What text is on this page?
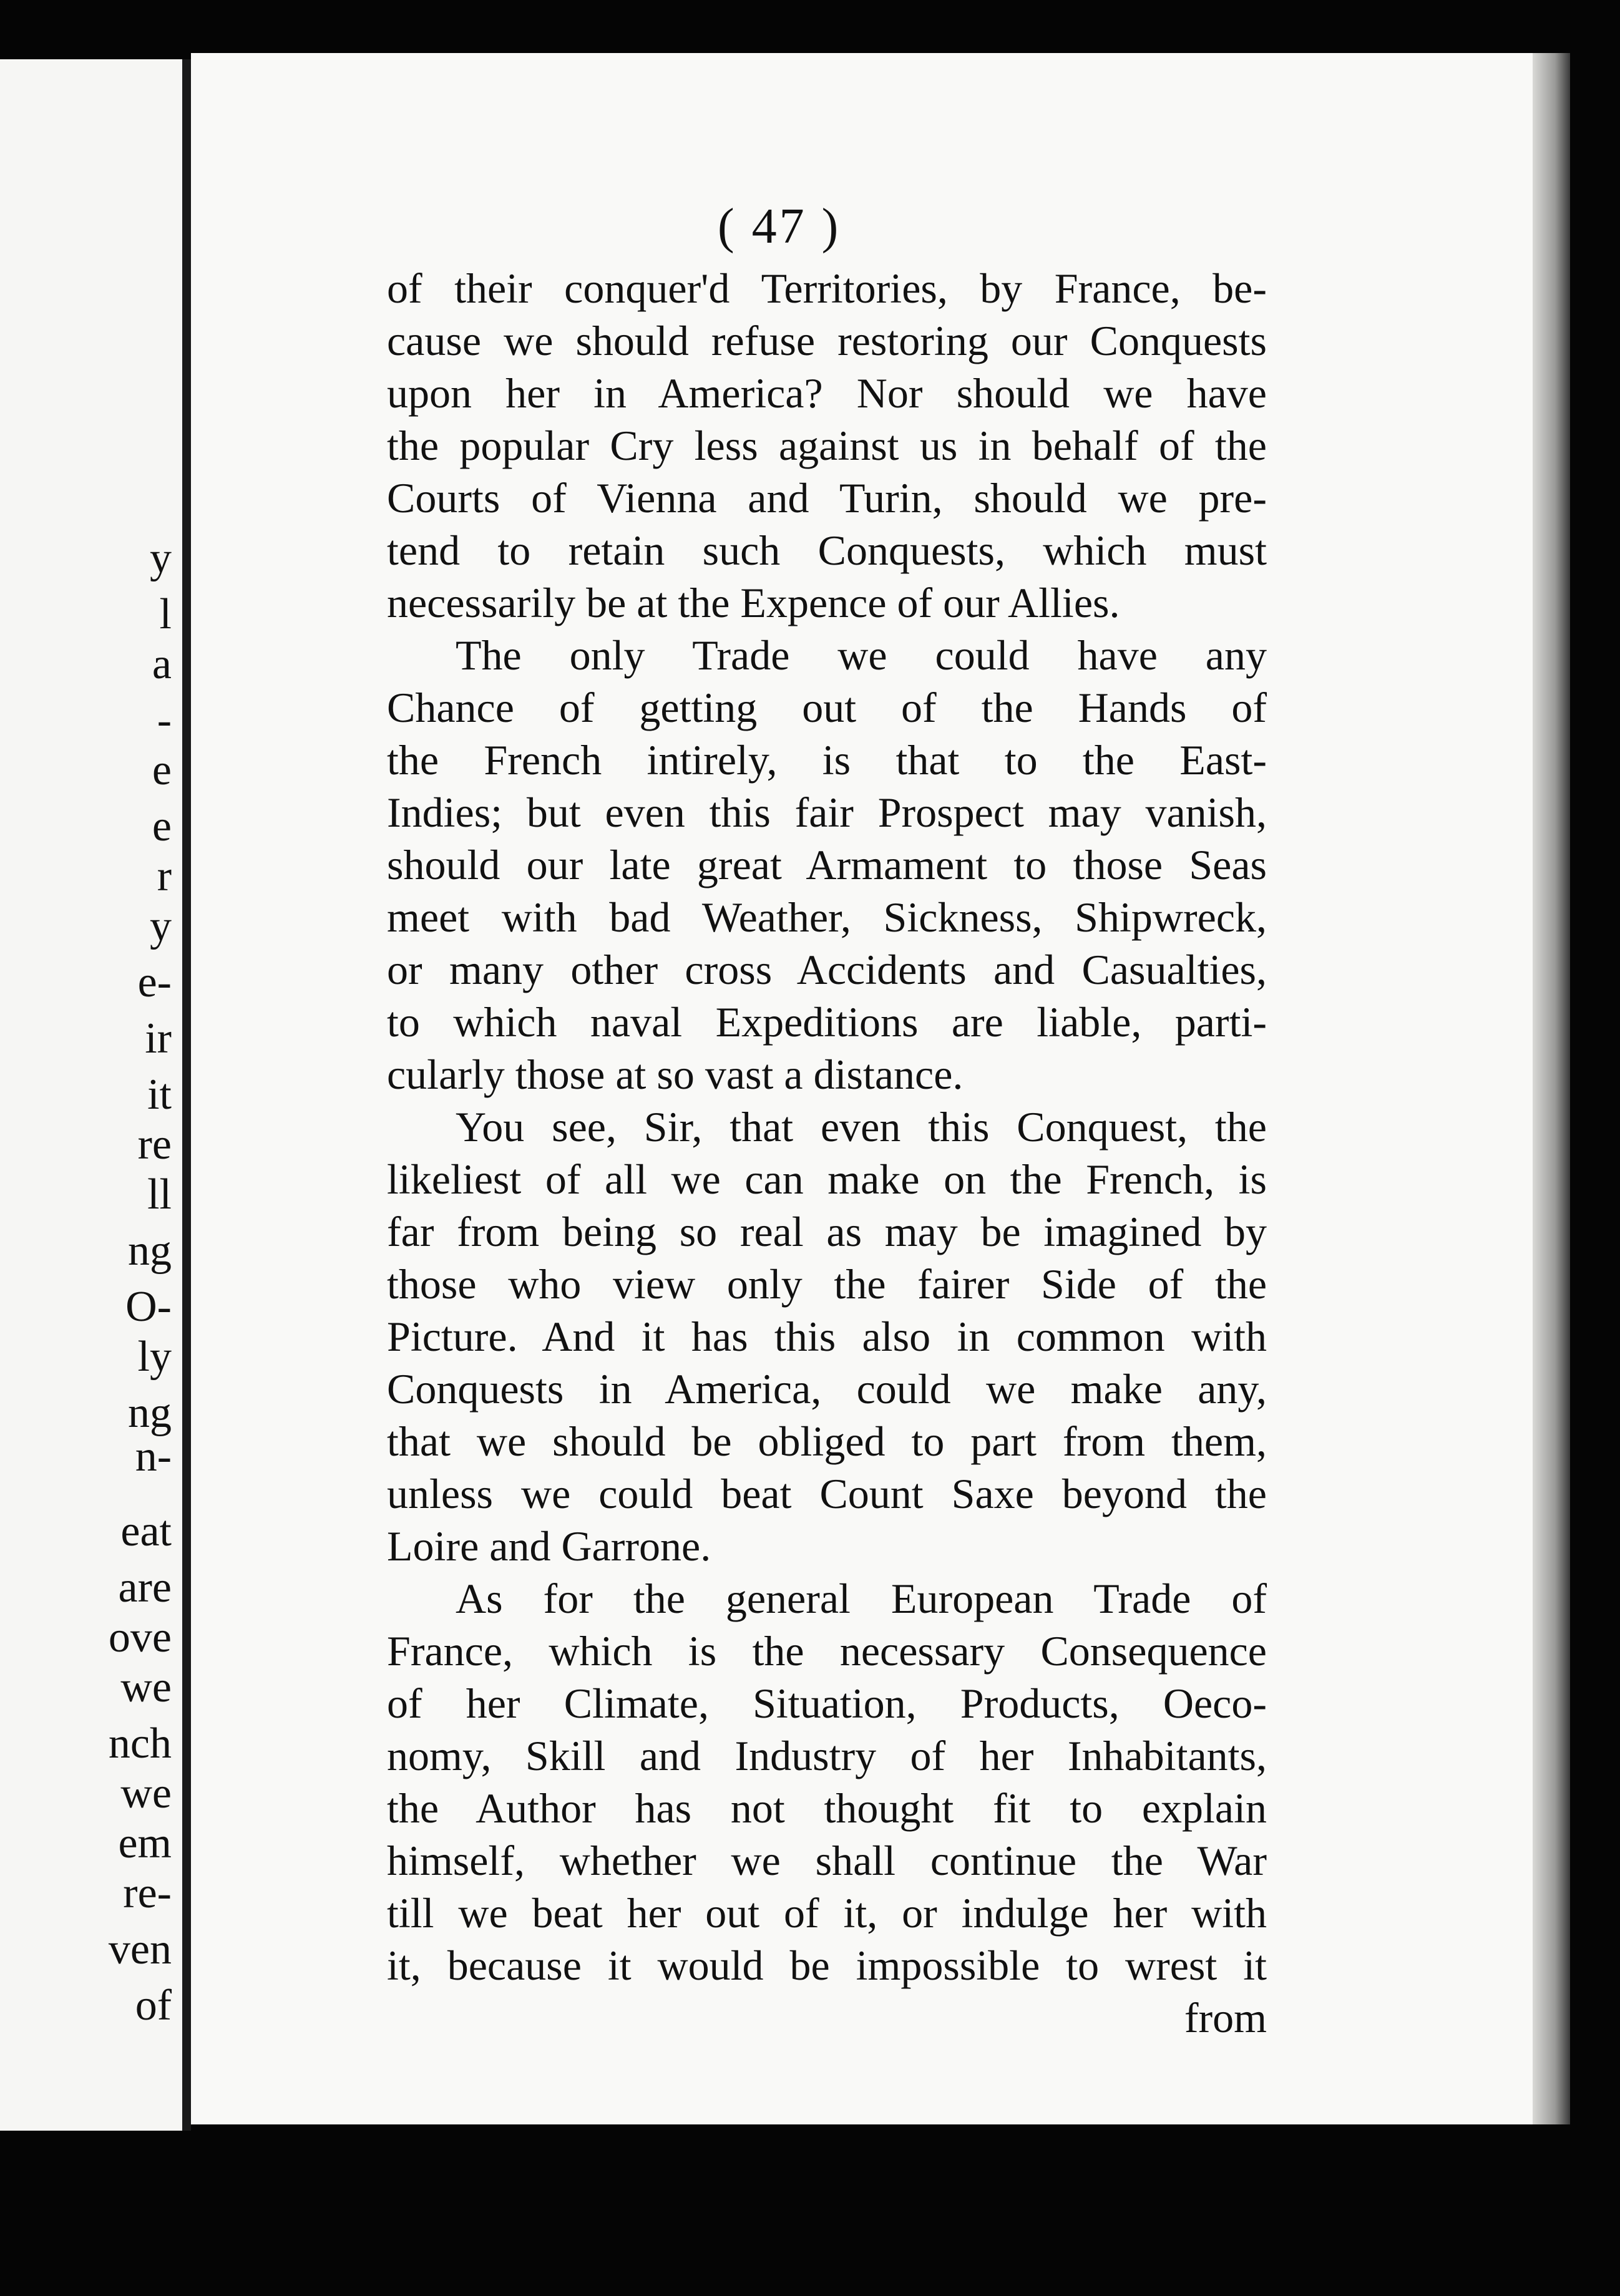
y
l
a
-
e
e
r
y
e-
ir
it
re
ll
ng
O-
ly
ng
n-
eat
are
ove
we
nch
we
em
re-
ven
of
( 47 )
of their conquer'd Territories, by France, be-
cause we should refuse restoring our Conquests
upon her in America? Nor should we have
the popular Cry less against us in behalf of the
Courts of Vienna and Turin, should we pre-
tend to retain such Conquests, which must
necessarily be at the Expence of our Allies.
The only Trade we could have any
Chance of getting out of the Hands of
the French intirely, is that to the East-
Indies; but even this fair Prospect may vanish,
should our late great Armament to those Seas
meet with bad Weather, Sickness, Shipwreck,
or many other cross Accidents and Casualties,
to which naval Expeditions are liable, parti-
cularly those at so vast a distance.
You see, Sir, that even this Conquest, the
likeliest of all we can make on the French, is
far from being so real as may be imagined by
those who view only the fairer Side of the
Picture. And it has this also in common with
Conquests in America, could we make any,
that we should be obliged to part from them,
unless we could beat Count Saxe beyond the
Loire and Garrone.
As for the general European Trade of
France, which is the necessary Consequence
of her Climate, Situation, Products, Oeco-
nomy, Skill and Industry of her Inhabitants,
the Author has not thought fit to explain
himself, whether we shall continue the War
till we beat her out of it, or indulge her with
it, because it would be impossible to wrest it
from
